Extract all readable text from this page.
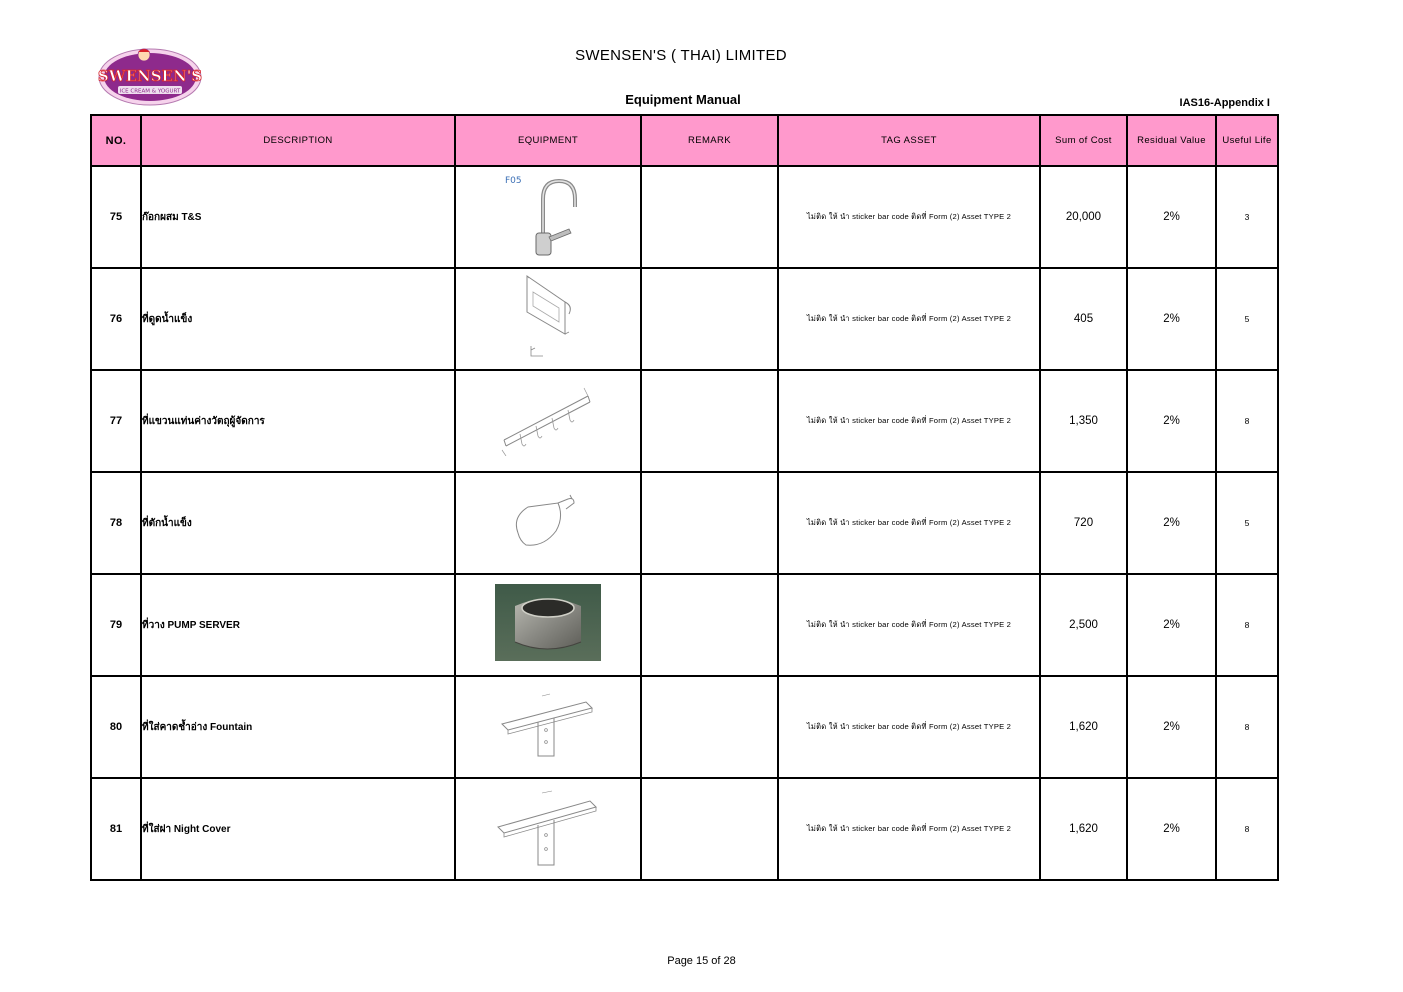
SWENSEN'S
ICE CREAM & YOGURT
SWENSEN'S ( THAI) LIMITED
Equipment Manual	IAS16-Appendix I
NO.	DESCRIPTION	EQUIPMENT	REMARK	TAG ASSET	Sum of Cost	Residual Value	Useful Life
75	ก๊อกผสม T&S	F05		ไม่ติด ให้ นำ sticker bar code ติดที่ Form (2) Asset TYPE 2	20,000	2%	3
76	ที่ดูดน้ำแข็ง			ไม่ติด ให้ นำ sticker bar code ติดที่ Form (2) Asset TYPE 2	405	2%	5
77	ที่แขวนแท่นค่างวัตถุผู้จัดการ			ไม่ติด ให้ นำ sticker bar code ติดที่ Form (2) Asset TYPE 2	1,350	2%	8
78	ที่ตักน้ำแข็ง			ไม่ติด ให้ นำ sticker bar code ติดที่ Form (2) Asset TYPE 2	720	2%	5
79	ที่วาง PUMP SERVER			ไม่ติด ให้ นำ sticker bar code ติดที่ Form (2) Asset TYPE 2	2,500	2%	8
80	ที่ใส่คาดช้ำอ่าง Fountain			ไม่ติด ให้ นำ sticker bar code ติดที่ Form (2) Asset TYPE 2	1,620	2%	8
81	ที่ใส่ฝา Night Cover			ไม่ติด ให้ นำ sticker bar code ติดที่ Form (2) Asset TYPE 2	1,620	2%	8
Page 15 of 28
